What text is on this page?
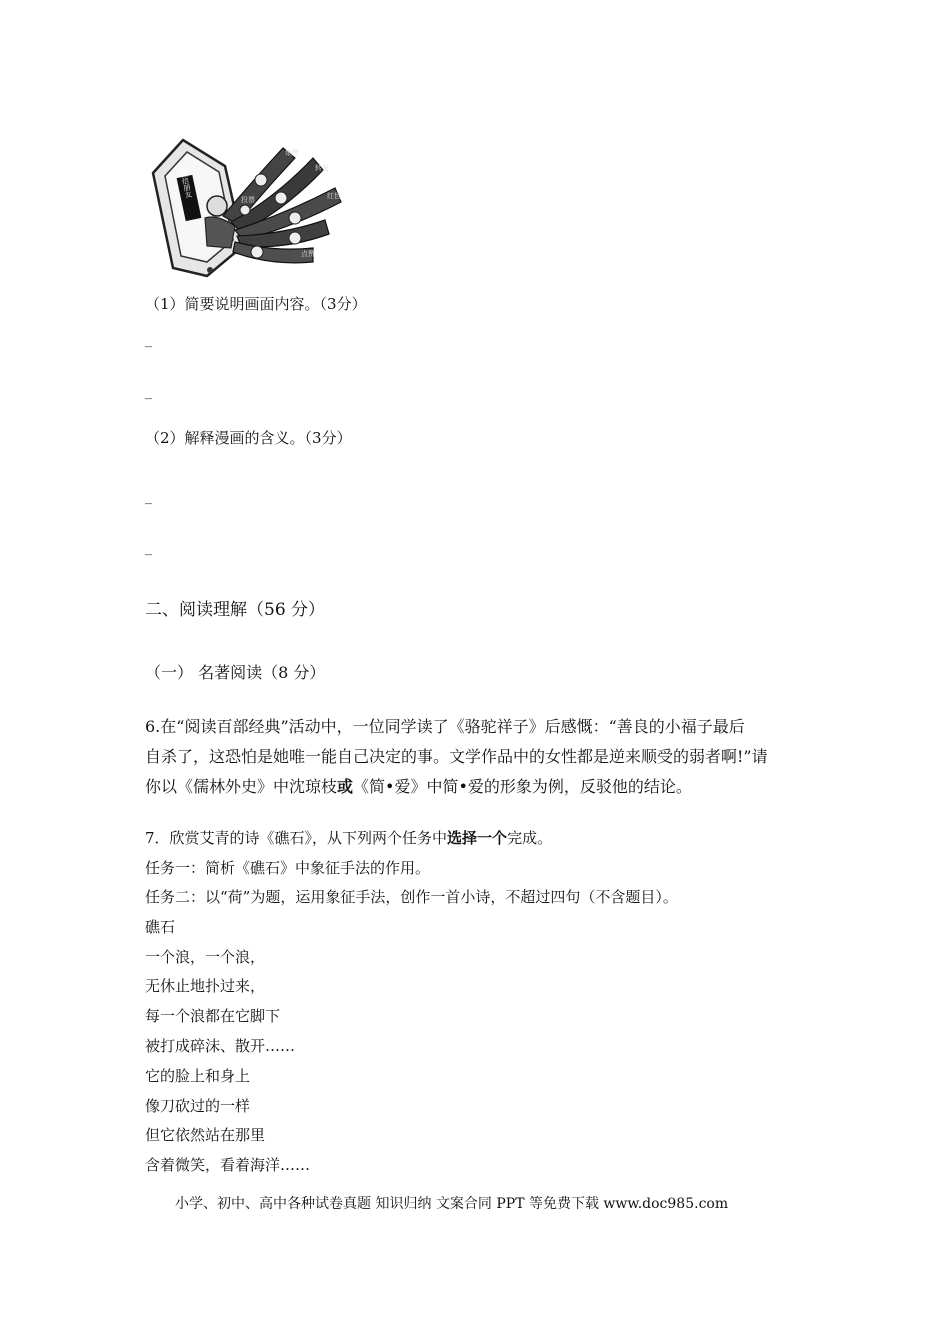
微信朋友
集赞
转发
红包
投票
点赞
（1）简要说明画面内容。（3分）
_
_
（2）解释漫画的含义。（3分）
_
_
二、阅读理解（56 分）
（一） 名著阅读（8 分）
6.在“阅读百部经典”活动中，一位同学读了《骆驼祥子》后感慨：“善良的小福子最后
自杀了，这恐怕是她唯一能自己决定的事。文学作品中的女性都是逆来顺受的弱者啊!”请
你以《儒林外史》中沈琼枝或《简•爱》中简•爱的形象为例，反驳他的结论。
7．欣赏艾青的诗《礁石》，从下列两个任务中选择一个完成。
任务一：简析《礁石》中象征手法的作用。
任务二：以“荷”为题，运用象征手法，创作一首小诗，不超过四句（不含题目）。
礁石
一个浪，一个浪，
无休止地扑过来，
每一个浪都在它脚下
被打成碎沫、散开……
它的脸上和身上
像刀砍过的一样
但它依然站在那里
含着微笑，看着海洋……
小学、初中、高中各种试卷真题 知识归纳 文案合同 PPT 等免费下载 www.doc985.com
